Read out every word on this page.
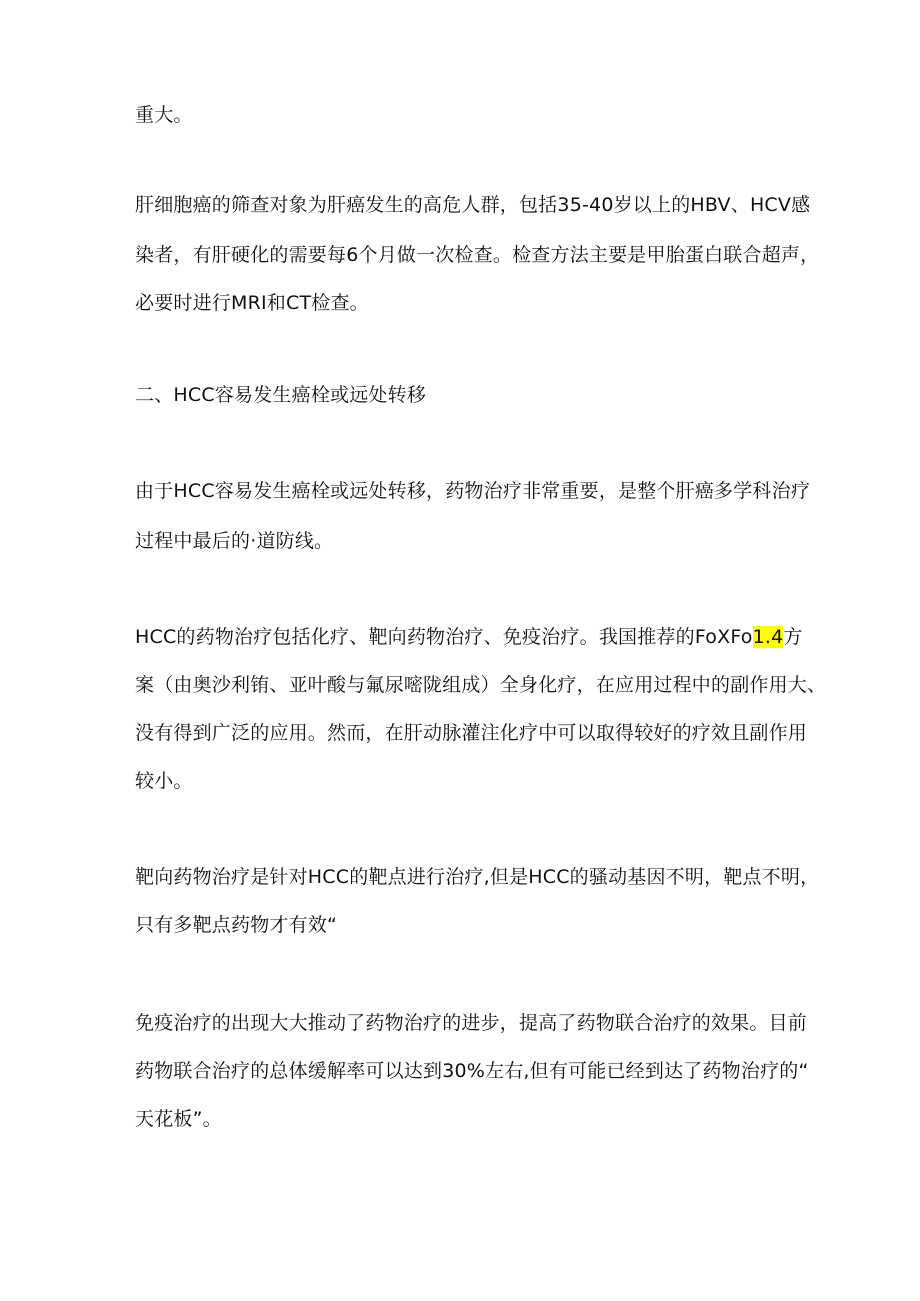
重大。
肝细胞癌的筛查对象为肝癌发生的高危人群，包括35-40岁以上的HBV、HCV感
染者，有肝硬化的需要每6个月做一次检查。检查方法主要是甲胎蛋白联合超声，
必要时进行MRI和CT检查。
二、HCC容易发生癌栓或远处转移
由于HCC容易发生癌栓或远处转移，药物治疗非常重要，是整个肝癌多学科治疗
过程中最后的·道防线。
HCC的药物治疗包括化疗、靶向药物治疗、免疫治疗。我国推荐的FoXFo1.4方
案（由奥沙利铕、亚叶酸与氟尿嘧陇组成）全身化疗，在应用过程中的副作用大、
没有得到广泛的应用。然而，在肝动脉灌注化疗中可以取得较好的疗效且副作用
较小。
靶向药物治疗是针对HCC的靶点进行治疗,但是HCC的骚动基因不明，靶点不明，
只有多靶点药物才有效“
免疫治疗的出现大大推动了药物治疗的进步，提高了药物联合治疗的效果。目前
药物联合治疗的总体缓解率可以达到30%左右,但有可能已经到达了药物治疗的“
天花板”。
